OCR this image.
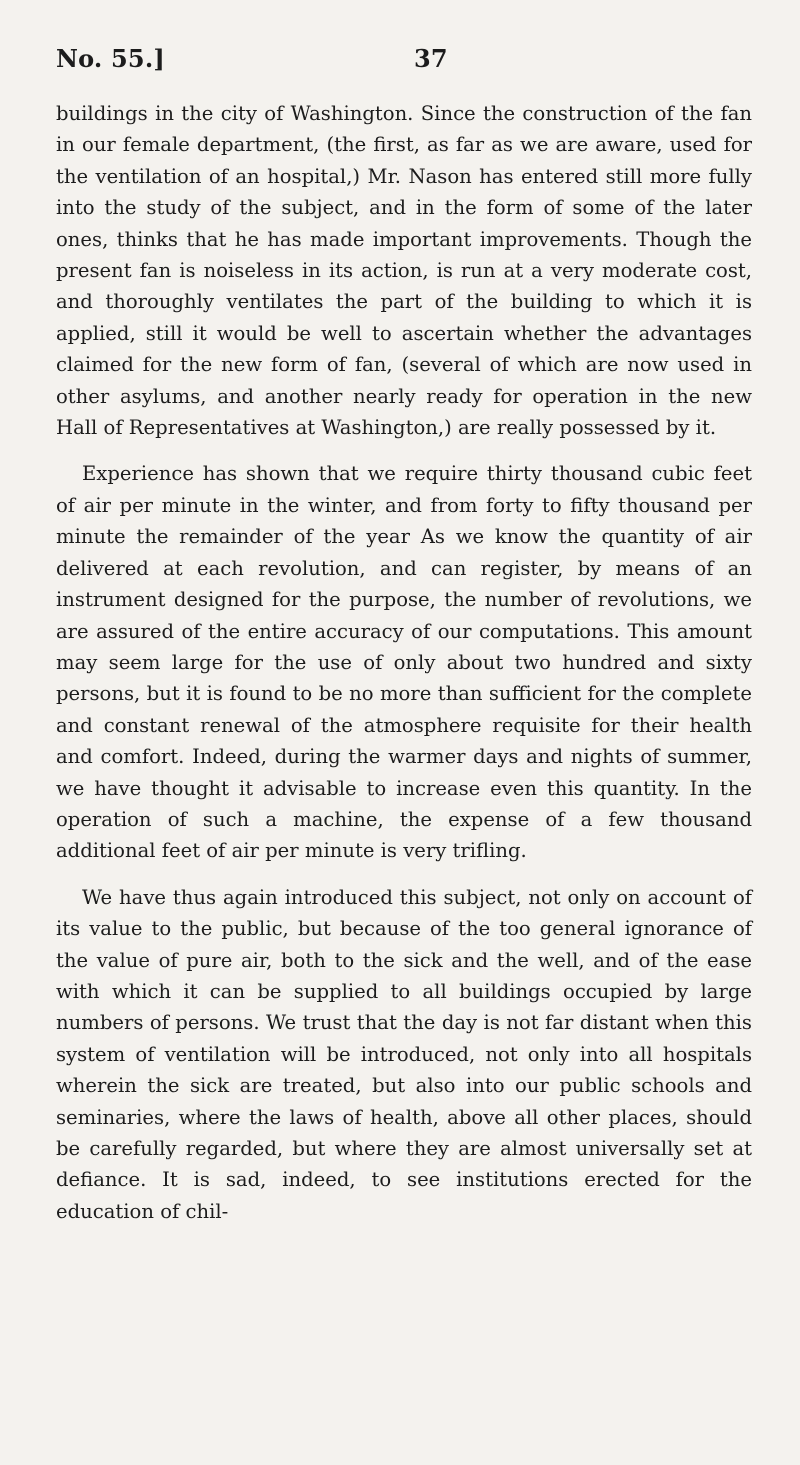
No. 55.]	37

buildings in the city of Washington. Since the construction of the fan in our female department, (the first, as far as we are aware, used for the ventilation of an hospital,) Mr. Nason has entered still more fully into the study of the subject, and in the form of some of the later ones, thinks that he has made important improvements. Though the present fan is noiseless in its action, is run at a very moderate cost, and thoroughly ventilates the part of the building to which it is applied, still it would be well to ascertain whether the advantages claimed for the new form of fan, (several of which are now used in other asylums, and another nearly ready for operation in the new Hall of Representatives at Washington,) are really possessed by it.

Experience has shown that we require thirty thousand cubic feet of air per minute in the winter, and from forty to fifty thousand per minute the remainder of the year As we know the quantity of air delivered at each revolution, and can register, by means of an instrument designed for the purpose, the number of revolutions, we are assured of the entire accuracy of our computations. This amount may seem large for the use of only about two hundred and sixty persons, but it is found to be no more than sufficient for the complete and constant renewal of the atmosphere requisite for their health and comfort. Indeed, during the warmer days and nights of summer, we have thought it advisable to increase even this quantity. In the operation of such a machine, the expense of a few thousand additional feet of air per minute is very trifling.

We have thus again introduced this subject, not only on account of its value to the public, but because of the too general ignorance of the value of pure air, both to the sick and the well, and of the ease with which it can be supplied to all buildings occupied by large numbers of persons. We trust that the day is not far distant when this system of ventilation will be introduced, not only into all hospitals wherein the sick are treated, but also into our public schools and seminaries, where the laws of health, above all other places, should be carefully regarded, but where they are almost universally set at defiance. It is sad, indeed, to see institutions erected for the education of chil-
